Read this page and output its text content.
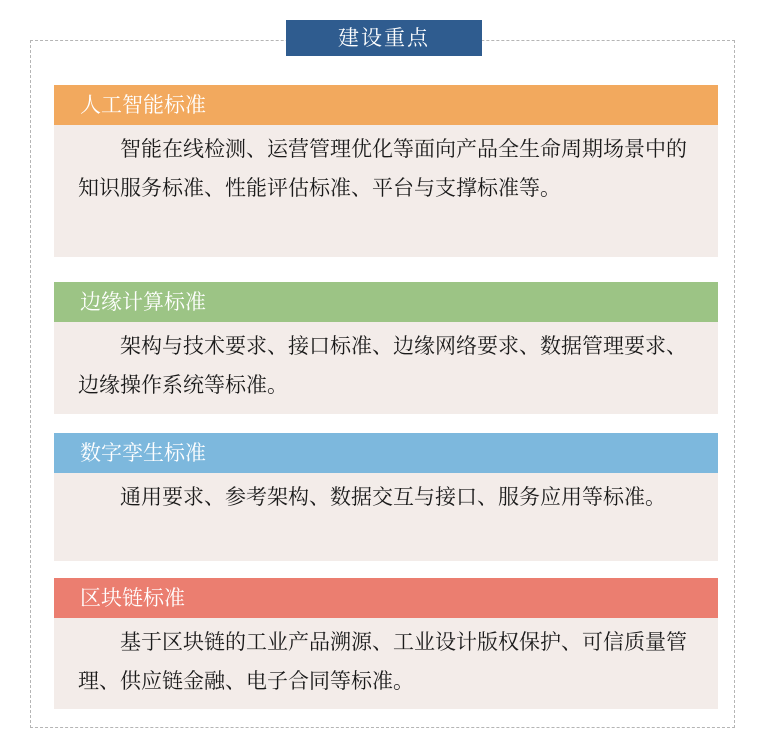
建设重点
人工智能标准
智能在线检测、运营管理优化等面向产品全生命周期场景中的知识服务标准、性能评估标准、平台与支撑标准等。
边缘计算标准
架构与技术要求、接口标准、边缘网络要求、数据管理要求、边缘操作系统等标准。
数字孪生标准
通用要求、参考架构、数据交互与接口、服务应用等标准。
区块链标准
基于区块链的工业产品溯源、工业设计版权保护、可信质量管理、供应链金融、电子合同等标准。
